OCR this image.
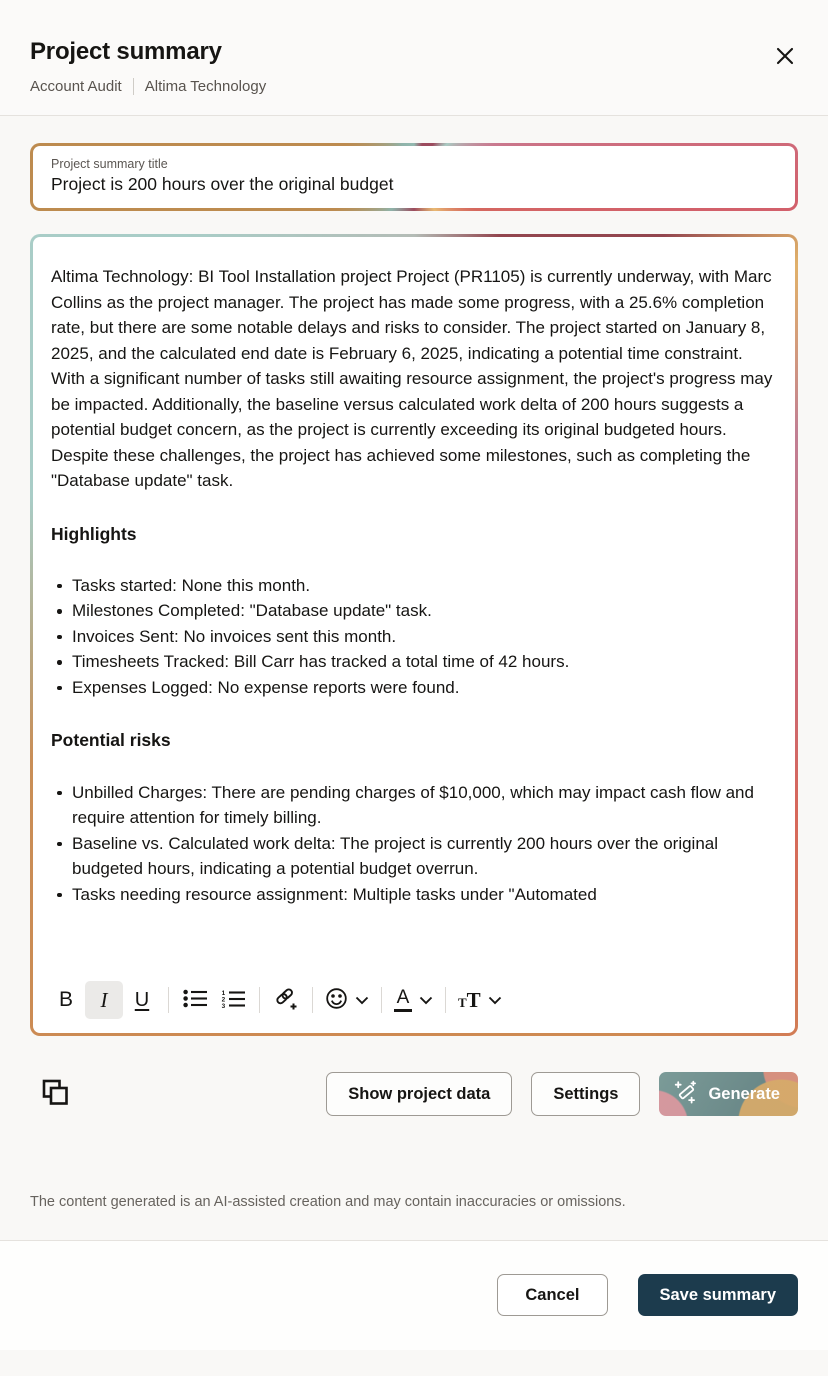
Project summary
Account Audit Altima Technology
Project summary title
Project is 200 hours over the original budget

Altima Technology: BI Tool Installation project Project (PR1105) is currently underway, with Marc Collins as the project manager. The project has made some progress, with a 25.6% completion rate, but there are some notable delays and risks to consider. The project started on January 8, 2025, and the calculated end date is February 6, 2025, indicating a potential time constraint. With a significant number of tasks still awaiting resource assignment, the project's progress may be impacted. Additionally, the baseline versus calculated work delta of 200 hours suggests a potential budget concern, as the project is currently exceeding its original budgeted hours. Despite these challenges, the project has achieved some milestones, such as completing the "Database update" task.

Highlights
Tasks started: None this month.
Milestones Completed: "Database update" task.
Invoices Sent: No invoices sent this month.
Timesheets Tracked: Bill Carr has tracked a total time of 42 hours.
Expenses Logged: No expense reports were found.
Potential risks
Unbilled Charges: There are pending charges of $10,000, which may impact cash flow and require attention for timely billing.
Baseline vs. Calculated work delta: The project is currently 200 hours over the original budgeted hours, indicating a potential budget overrun.
Tasks needing resource assignment: Multiple tasks under "Automated
B I U	1
2
3	A	TT
Show project data	Settings	Generate
The content generated is an AI-assisted creation and may contain inaccuracies or omissions.
Cancel	Save summary
